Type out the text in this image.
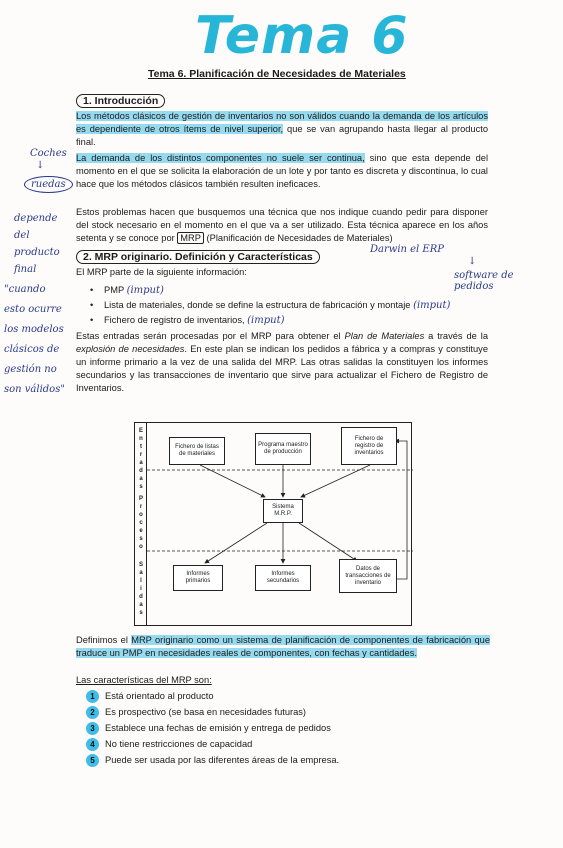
Tema 6
Tema 6. Planificación de Necesidades de Materiales
1. Introducción
Los métodos clásicos de gestión de inventarios no son válidos cuando la demanda de los artículos es dependiente de otros ítems de nivel superior, que se van agrupando hasta llegar al producto final.
La demanda de los distintos componentes no suele ser continua, sino que esta depende del momento en el que se solicita la elaboración de un lote y por tanto es discreta y discontinua, lo cual hace que los métodos clásicos también resulten ineficaces.
Estos problemas hacen que busquemos una técnica que nos indique cuando pedir para disponer del stock necesario en el momento en el que va a ser utilizado. Esta técnica aparece en los años setenta y se conoce por MRP (Planificación de Necesidades de Materiales)
2. MRP originario. Definición y Características
El MRP parte de la siguiente información:
• PMP (imput)
• Lista de materiales, donde se define la estructura de fabricación y montaje (imput)
• Fichero de registro de inventarios, (imput)
Estas entradas serán procesadas por el MRP para obtener el Plan de Materiales a través de la explosión de necesidades. En este plan se indican los pedidos a fábrica y a compras y constituye un informe primario a la vez de una salida del MRP. Las otras salidas la constituyen los informes secundarios y las transacciones de inventario que sirve para actualizar el Fichero de Registro de Inventarios.
E
n
t
r
a
d
a
s
P
r
o
c
e
s
o
S
a
l
i
d
a
s
Fichero de listas de materiales
Programa maestro de producción
Fichero de registro de inventarios
Sistema M.R.P.
Informes primarios
Informes secundarios
Datos de transacciones de inventario
Definimos el MRP originario como un sistema de planificación de componentes de fabricación que traduce un PMP en necesidades reales de componentes, con fechas y cantidades.
Las características del MRP son:
1 Está orientado al producto
2 Es prospectivo (se basa en necesidades futuras)
3 Establece una fechas de emisión y entrega de pedidos
4 No tiene restricciones de capacidad
5 Puede ser usada por las diferentes áreas de la empresa.
Coches
↓
ruedas
depende del producto final
"cuando esto ocurre los modelos clásicos de gestión no son válidos"
Darwin el ERP
↓
software de pedidos
